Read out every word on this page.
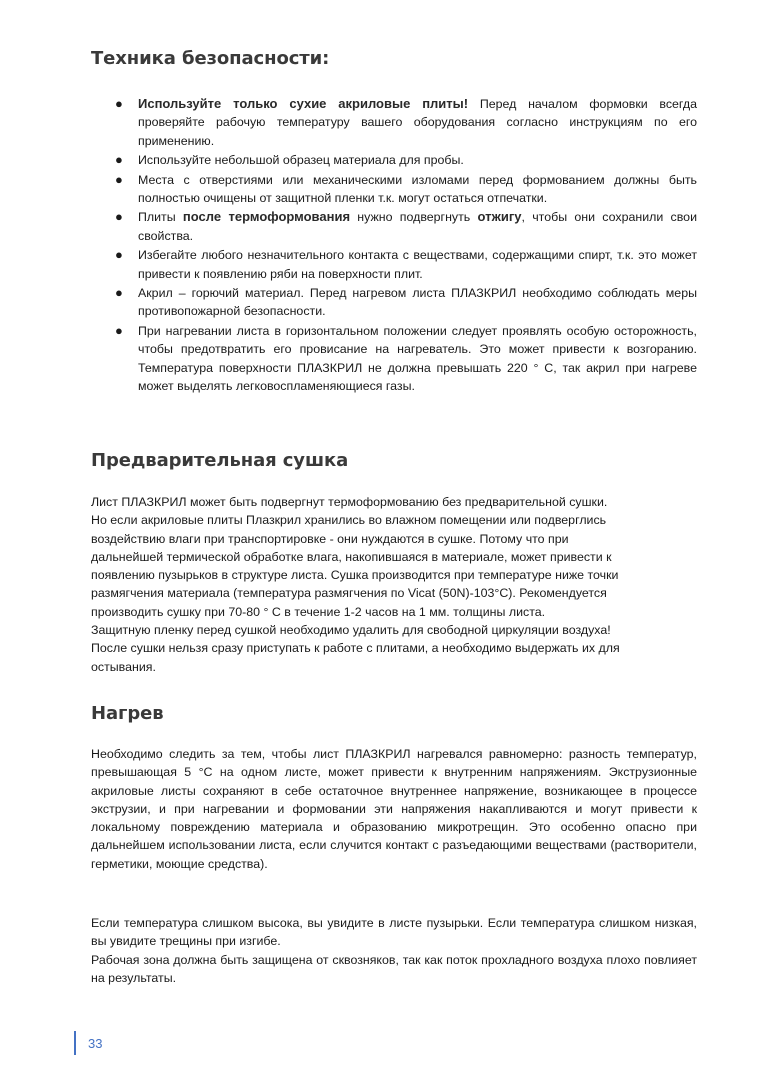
Техника безопасности:
● Используйте только сухие акриловые плиты! Перед началом формовки всегда проверяйте рабочую температуру вашего оборудования согласно инструкциям по его применению.
● Используйте небольшой образец материала для пробы.
● Места с отверстиями или механическими изломами перед формованием должны быть полностью очищены от защитной пленки т.к. могут остаться отпечатки.
● Плиты после термоформования нужно подвергнуть отжигу, чтобы они сохранили свои свойства.
● Избегайте любого незначительного контакта с веществами, содержащими спирт, т.к. это может привести к появлению ряби на поверхности плит.
● Акрил – горючий материал. Перед нагревом листа ПЛАЗКРИЛ необходимо соблюдать меры противопожарной безопасности.
● При нагревании листа в горизонтальном положении следует проявлять особую осторожность, чтобы предотвратить его провисание на нагреватель. Это может привести к возгоранию. Температура поверхности ПЛАЗКРИЛ не должна превышать 220 ° С, так акрил при нагреве может выделять легковоспламеняющиеся газы.
Предварительная сушка
Лист ПЛАЗКРИЛ может быть подвергнут термоформованию без предварительной сушки.
Но если акриловые плиты Плазкрил хранились во влажном помещении или подверглись
воздействию влаги при транспортировке - они нуждаются в сушке. Потому что при
дальнейшей термической обработке влага, накопившаяся в материале, может привести к
появлению пузырьков в структуре листа. Сушка производится при температуре ниже точки
размягчения материала (температура размягчения по Vicat (50N)-103°C). Рекомендуется
производить сушку при 70-80 ° С в течение 1-2 часов на 1 мм. толщины листа.
Защитную пленку перед сушкой необходимо удалить для свободной циркуляции воздуха!
После сушки нельзя сразу приступать к работе с плитами, а необходимо выдержать их для
остывания.
Нагрев

Необходимо следить за тем, чтобы лист ПЛАЗКРИЛ нагревался равномерно: разность температур, превышающая 5 °С на одном листе, может привести к внутренним напряжениям. Экструзионные акриловые листы сохраняют в себе остаточное внутреннее напряжение, возникающее в процессе экструзии, и при нагревании и формовании эти напряжения накапливаются и могут привести к локальному повреждению материала и образованию микротрещин. Это особенно опасно при дальнейшем использовании листа, если случится контакт с разъедающими веществами (растворители, герметики, моющие средства).

Если температура слишком высока, вы увидите в листе пузырьки. Если температура слишком низкая, вы увидите трещины при изгибе.

Рабочая зона должна быть защищена от сквозняков, так как поток прохладного воздуха плохо повлияет на результаты.

33
